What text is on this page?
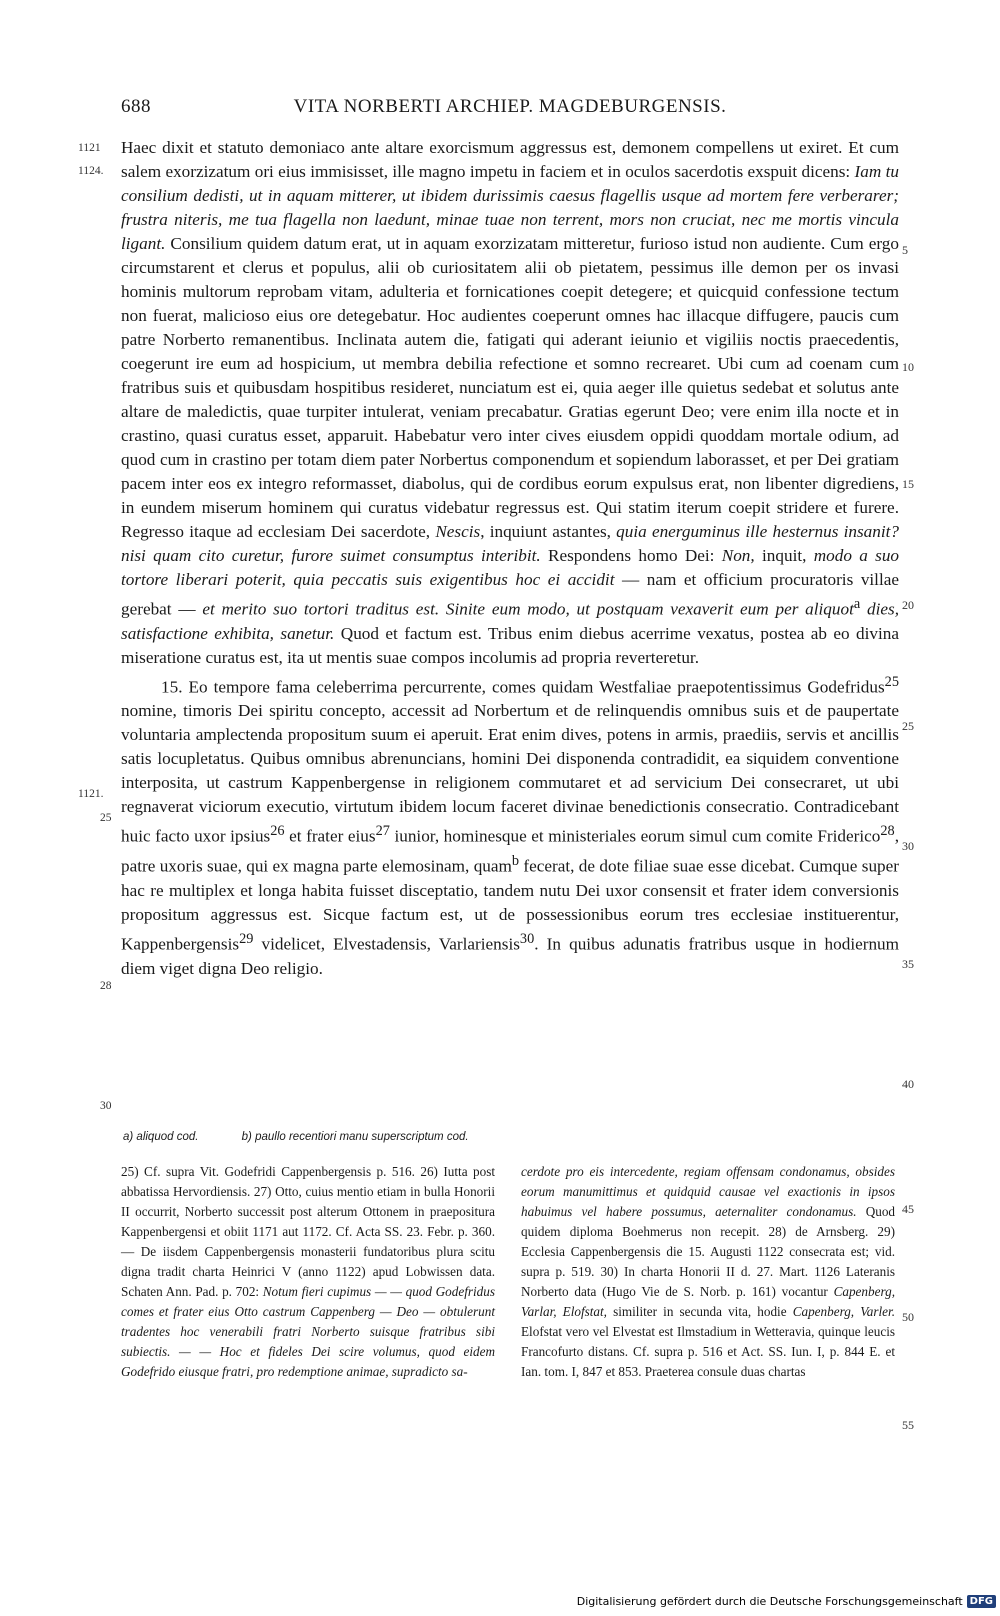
688	VITA NORBERTI ARCHIEP. MAGDEBURGENSIS.
1121
1124.
1121.
25
28
30
5
10
15
20
25
30
35
40

Haec dixit et statuto demoniaco ante altare exorcismum aggressus est, demonem compellens ut exiret. Et cum salem exorzizatum ori eius immisisset, ille magno impetu in faciem et in oculos sacerdotis exspuit dicens: Iam tu consilium dedisti, ut in aquam mitterer, ut ibidem durissimis caesus flagellis usque ad mortem fere verberarer; frustra niteris, me tua flagella non laedunt, minae tuae non terrent, mors non cruciat, nec me mortis vincula ligant. Consilium quidem datum erat, ut in aquam exorzizatam mitteretur, furioso istud non audiente. Cum ergo circumstarent et clerus et populus, alii ob curiositatem alii ob pietatem, pessimus ille demon per os invasi hominis multorum reprobam vitam, adulteria et fornicationes coepit detegere; et quicquid confessione tectum non fuerat, malicioso eius ore detegebatur. Hoc audientes coeperunt omnes hac illacque diffugere, paucis cum patre Norberto remanentibus. Inclinata autem die, fatigati qui aderant ieiunio et vigiliis noctis praecedentis, coegerunt ire eum ad hospicium, ut membra debilia refectione et somno recrearet. Ubi cum ad coenam cum fratribus suis et quibusdam hospitibus resideret, nunciatum est ei, quia aeger ille quietus sedebat et solutus ante altare de maledictis, quae turpiter intulerat, veniam precabatur. Gratias egerunt Deo; vere enim illa nocte et in crastino, quasi curatus esset, apparuit. Habebatur vero inter cives eiusdem oppidi quoddam mortale odium, ad quod cum in crastino per totam diem pater Norbertus componendum et sopiendum laborasset, et per Dei gratiam pacem inter eos ex integro reformasset, diabolus, qui de cordibus eorum expulsus erat, non libenter digrediens, in eundem miserum hominem qui curatus videbatur regressus est. Qui statim iterum coepit stridere et furere. Regresso itaque ad ecclesiam Dei sacerdote, Nescis, inquiunt astantes, quia energuminus ille hesternus insanit? nisi quam cito curetur, furore suimet consumptus interibit. Respondens homo Dei: Non, inquit, modo a suo tortore liberari poterit, quia peccatis suis exigentibus hoc ei accidit — nam et officium procuratoris villae gerebat — et merito suo tortori traditus est. Sinite eum modo, ut postquam vexaverit eum per aliquot$^a$ dies, satisfactione exhibita, sanetur. Quod et factum est. Tribus enim diebus acerrime vexatus, postea ab eo divina miseratione curatus est, ita ut mentis suae compos incolumis ad propria reverteretur.

15. Eo tempore fama celeberrima percurrente, comes quidam Westfaliae praepotentissimus Godefridus$^{25}$ nomine, timoris Dei spiritu concepto, accessit ad Norbertum et de relinquendis omnibus suis et de paupertate voluntaria amplectenda propositum suum ei aperuit. Erat enim dives, potens in armis, praediis, servis et ancillis satis locupletatus. Quibus omnibus abrenuncians, homini Dei disponenda contradidit, ea siquidem conventione interposita, ut castrum Kappenbergense in religionem commutaret et ad servicium Dei consecraret, ut ubi regnaverat viciorum executio, virtutum ibidem locum faceret divinae benedictionis consecratio. Contradicebant huic facto uxor ipsius$^{26}$ et frater eius$^{27}$ iunior, hominesque et ministeriales eorum simul cum comite Friderico$^{28}$, patre uxoris suae, qui ex magna parte elemosinam, quam$^b$ fecerat, de dote filiae suae esse dicebat. Cumque super hac re multiplex et longa habita fuisset disceptatio, tandem nutu Dei uxor consensit et frater idem conversionis propositum aggressus est. Sicque factum est, ut de possessionibus eorum tres ecclesiae instituerentur, Kappenbergensis$^{29}$ videlicet, Elvestadensis, Varlariensis$^{30}$. In quibus adunatis fratribus usque in hodiernum diem viget digna Deo religio.

a) aliquod cod.	b) paullo recentiori manu superscriptum cod.

25) Cf. supra Vit. Godefridi Cappenbergensis p. 516. 26) Iutta post abbatissa Hervordiensis. 27) Otto, cuius mentio etiam in bulla Honorii II occurrit, Norberto successit post alterum Ottonem in praepositura Kappenbergensi et obiit 1171 aut 1172. Cf. Acta SS. 23. Febr. p. 360. — De iisdem Cappenbergensis monasterii fundatoribus plura scitu digna tradit charta Heinrici V (anno 1122) apud Lobwissen data. Schaten Ann. Pad. p. 702: Notum fieri cupimus — — quod Godefridus comes et frater eius Otto castrum Cappenberg — Deo — obtulerunt tradentes hoc venerabili fratri Norberto suisque fratribus sibi subiectis. — — Hoc et fideles Dei scire volumus, quod eidem Godefrido eiusque fratri, pro redemptione animae, supradicto sa-

cerdote pro eis intercedente, regiam offensam condonamus, obsides eorum manumittimus et quidquid causae vel exactionis in ipsos habuimus vel habere possumus, aeternaliter condonamus. Quod quidem diploma Boehmerus non recepit. 28) de Arnsberg. 29) Ecclesia Cappenbergensis die 15. Augusti 1122 consecrata est; vid. supra p. 519. 30) In charta Honorii II d. 27. Mart. 1126 Lateranis Norberto data (Hugo Vie de S. Norb. p. 161) vocantur Capenberg, Varlar, Elofstat, similiter in secunda vita, hodie Capenberg, Varler. Elofstat vero vel Elvestat est Ilmstadium in Wetteravia, quinque leucis Francofurto distans. Cf. supra p. 516 et Act. SS. Iun. I, p. 844 E. et Ian. tom. I, 847 et 853. Praeterea consule duas chartas

45
50
55
Digitalisierung gefördert durch die Deutsche Forschungsgemeinschaft DFG
